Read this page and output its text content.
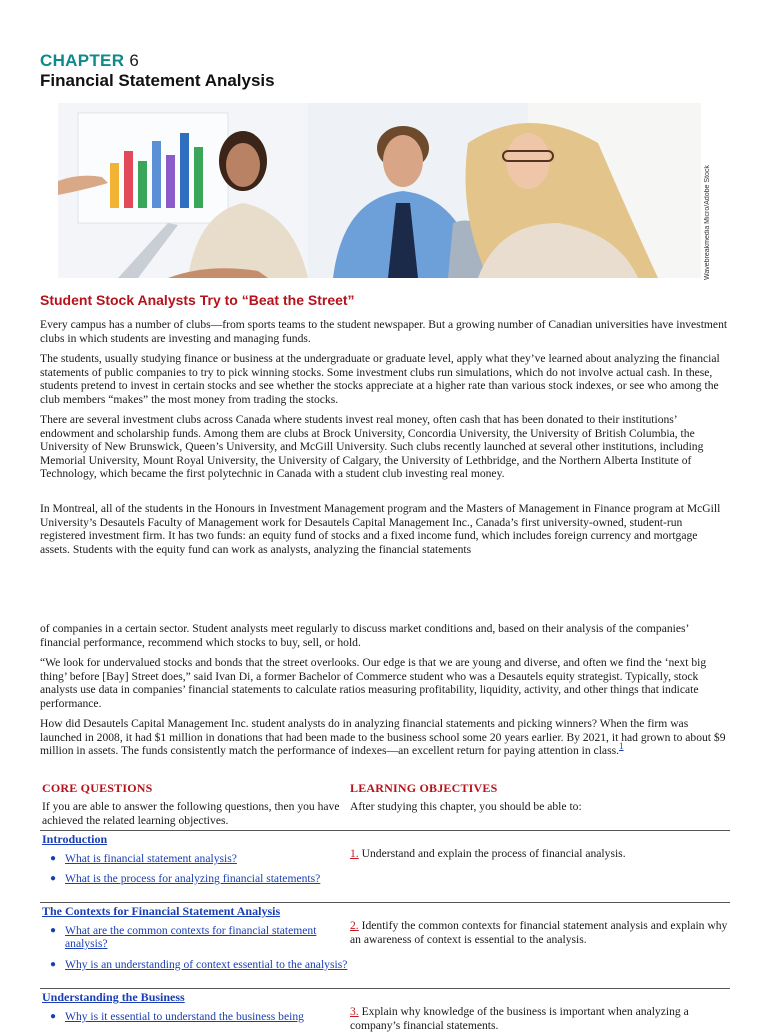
CHAPTER 6
Financial Statement Analysis
Wavebreakmedia Micro/Adobe Stock
Student Stock Analysts Try to “Beat the Street”

Every campus has a number of clubs—from sports teams to the student newspaper. But a growing number of Canadian universities have investment clubs in which students are investing and managing funds.

The students, usually studying finance or business at the undergraduate or graduate level, apply what they’ve learned about analyzing the financial statements of public companies to try to pick winning stocks. Some investment clubs run simulations, which do not involve actual cash. In these, students pretend to invest in certain stocks and see whether the stocks appreciate at a higher rate than various stock indexes, or see who among the club members “makes” the most money from trading the stocks.

There are several investment clubs across Canada where students invest real money, often cash that has been donated to their institutions’ endowment and scholarship funds. Among them are clubs at Brock University, Concordia University, the University of British Columbia, the University of New Brunswick, Queen’s University, and McGill University. Such clubs recently launched at several other institutions, including Memorial University, Mount Royal University, the University of Calgary, the University of Lethbridge, and the Northern Alberta Institute of Technology, which became the first polytechnic in Canada with a student club investing real money.

In Montreal, all of the students in the Honours in Investment Management program and the Masters of Management in Finance program at McGill University’s Desautels Faculty of Management work for Desautels Capital Management Inc., Canada’s first university-owned, student-run registered investment firm. It has two funds: an equity fund of stocks and a fixed income fund, which includes foreign currency and mortgage assets. Students with the equity fund can work as analysts, analyzing the financial statements

of companies in a certain sector. Student analysts meet regularly to discuss market conditions and, based on their analysis of the companies’ financial performance, recommend which stocks to buy, sell, or hold.

“We look for undervalued stocks and bonds that the street overlooks. Our edge is that we are young and diverse, and often we find the ‘next big thing’ before [Bay] Street does,” said Ivan Di, a former Bachelor of Commerce student who was a Desautels equity strategist. Typically, stock analysts use data in companies’ financial statements to calculate ratios measuring profitability, liquidity, activity, and other things that indicate performance.

How did Desautels Capital Management Inc. student analysts do in analyzing financial statements and picking winners? When the firm was launched in 2008, it had $1 million in donations that had been made to the business school some 20 years earlier. By 2021, it had grown to about $9 million in assets. The funds consistently match the performance of indexes—an excellent return for paying attention in class.$^1$

CORE QUESTIONS	LEARNING OBJECTIVES
If you are able to answer the following questions, then you have achieved the related learning objectives.
After studying this chapter, you should be able to:
Introduction
● What is financial statement analysis?
● What is the process for analyzing financial statements?
1. Understand and explain the process of financial analysis.
The Contexts for Financial Statement Analysis
● What are the common contexts for financial statement analysis?
● Why is an understanding of context essential to the analysis?
2. Identify the common contexts for financial statement analysis and explain why an awareness of context is essential to the analysis.
Understanding the Business
● Why is it essential to understand the business being	3. Explain why knowledge of the business is important when analyzing a company’s financial statements.
